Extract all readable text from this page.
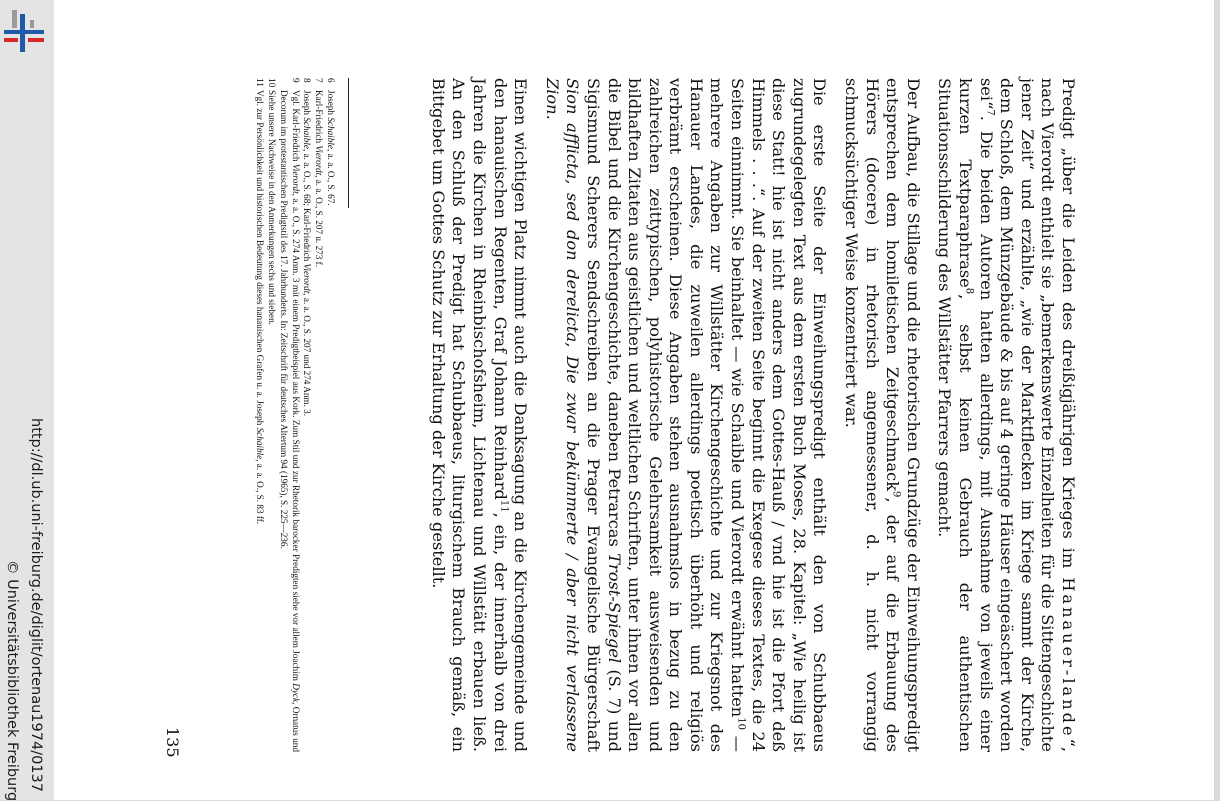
http://dl.ub.uni-freiburg.de/diglit/ortenau1974/0137
© Universitätsbibliothek Freiburg

Predigt „über die Leiden des dreißigjährigen Krieges im Hanauer-lande“, nach Vierordt enthielt sie „bemerkenswerte Einzelheiten für die Sittengeschichte jener Zeit“ und erzählte, „wie der Marktflecken im Kriege sammt der Kirche, dem Schloß, dem Münzgebäude & bis auf 4 geringe Häuser eingeäschert worden sei“$^7$. Die beiden Autoren hatten allerdings, mit Ausnahme von jeweils einer kurzen Textparaphrase$^8$, selbst keinen Gebrauch der authentischen Situationsschilderung des Willstätter Pfarrers gemacht.

Der Aufbau, die Stillage und die rhetorischen Grundzüge der Einweihungspredigt entsprechen dem homiletischen Zeitgeschmack$^9$, der auf die Erbauung des Hörers (docere) in rhetorisch angemessener, d. h. nicht vorrangig schmucksüchtiger Weise konzentriert war.

Die erste Seite der Einweihungspredigt enthält den von Schubbaeus zugrundegelegten Text aus dem ersten Buch Moses, 28. Kapitel: „Wie heilig ist diese Statt! hie ist nicht anders dem Gottes-Hauß / vnd hie ist die Pfort deß Himmels . . .“. Auf der zweiten Seite beginnt die Exegese dieses Textes, die 24 Seiten einnimmt. Sie beinhaltet — wie Schaible und Vierordt erwähnt hatten$^{10}$ — mehrere Angaben zur Willstätter Kirchengeschichte und zur Kriegsnot des Hanauer Landes, die zuweilen allerdings poetisch überhöht und religiös verbrämt erscheinen. Diese Angaben stehen ausnahmslos in bezug zu den zahlreichen zeittypischen, polyhistorische Gelehrsamkeit ausweisenden und bildhaften Zitaten aus geistlichen und weltlichen Schriften, unter ihnen vor allen die Bibel und die Kirchengeschichte, daneben Petrarcas Trost-Spiegel (S. 7) und Sigismund Scherers Sendschreiben an die Prager Evangelische Bürgerschaft Sion afflicta, sed don derelicta, Die zwar bekümmerte / aber nicht verlassene Zion.

Einen wichtigen Platz nimmt auch die Danksagung an die Kirchengemeinde und den hanauischen Regenten, Graf Johann Reinhard$^{11}$, ein, der innerhalb von drei Jahren die Kirchen in Rheinbischofsheim, Lichtenau und Willstätt erbauen ließ. An den Schluß der Predigt hat Schubbaeus, liturgischem Brauch gemäß, ein Bittgebet um Gottes Schutz zur Erhaltung der Kirche gestellt.

6
Joseph Schaible, a. a. O., S. 67.
7
Karl-Friedrich Vierordt, a. a. O., S. 207 u. 273 f.
8
Joseph Schaible, a. a. O., S. 68; Karl-Friedrich Vierordt, a. a. O., S. 207 und 274 Anm. 3.
9
Vgl. Karl-Friedrich Vierordt, a. a. O., S. 274 Anm. 3 mit einem Predigtbeispiel aus Kork. Zum Stil und zur Rhetorik barocker Predigten siehe vor allem Joachim Dyck, Ornatus und Decorum im protestantischen Predigtstil des 17. Jahrhunderts. In: Zeitschrift für deutsches Altertum 94 (1965), S. 225—236.
10
Siehe unsere Nachweise in den Anmerkungen sechs und sieben.
11
Vgl. zur Persönlichkeit und historischen Bedeutung dieses hanauischen Grafen u. a. Joseph Schaible, a. a. O., S. 83 ff.
135
